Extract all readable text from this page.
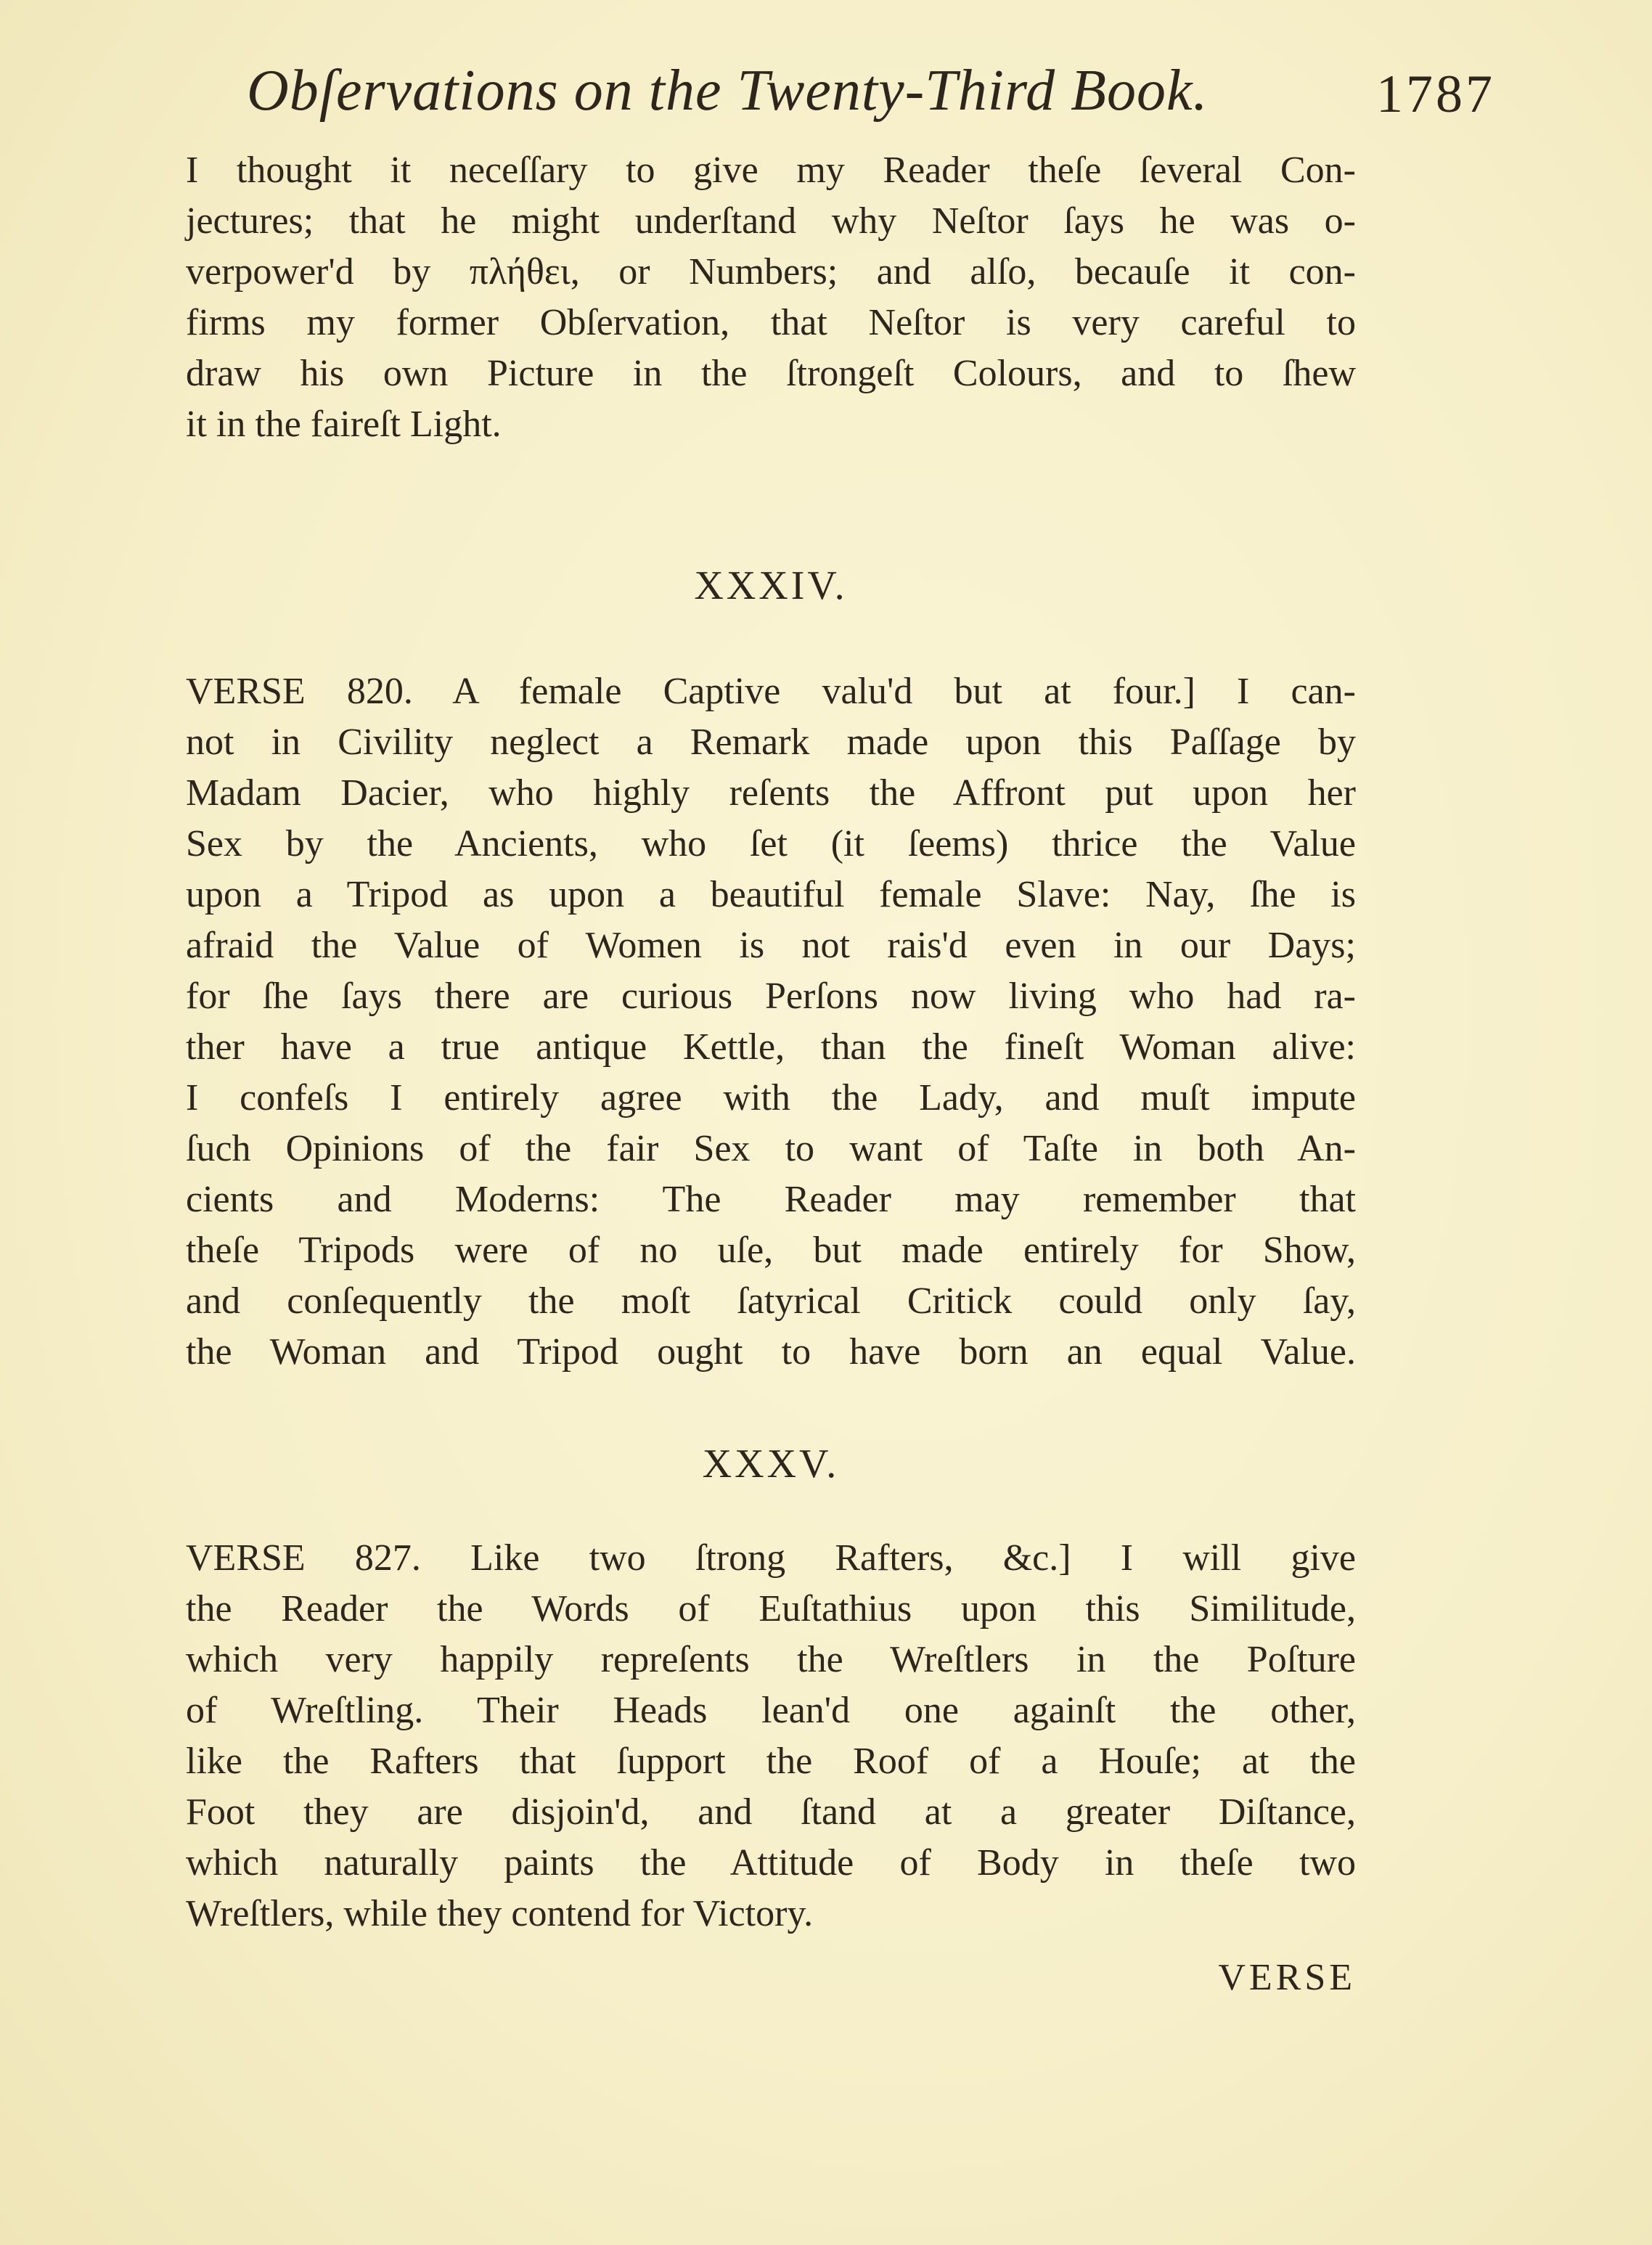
Obſervations on the Twenty-Third Book.	1787
I thought it neceſſary to give my Reader theſe ſeveral Con-
jectures; that he might underſtand why Neſtor ſays he was o-
verpower'd by πλήθει, or Numbers; and alſo, becauſe it con-
firms my former Obſervation, that Neſtor is very careful to
draw his own Picture in the ſtrongeſt Colours, and to ſhew
it in the faireſt Light.
XXXIV.
VERSE 820. A female Captive valu'd but at four.] I can-
not in Civility neglect a Remark made upon this Paſſage by
Madam Dacier, who highly reſents the Affront put upon her
Sex by the Ancients, who ſet (it ſeems) thrice the Value
upon a Tripod as upon a beautiful female Slave: Nay, ſhe is
afraid the Value of Women is not rais'd even in our Days;
for ſhe ſays there are curious Perſons now living who had ra-
ther have a true antique Kettle, than the fineſt Woman alive:
I confeſs I entirely agree with the Lady, and muſt impute
ſuch Opinions of the fair Sex to want of Taſte in both An-
cients and Moderns: The Reader may remember that
theſe Tripods were of no uſe, but made entirely for Show,
and conſequently the moſt ſatyrical Critick could only ſay,
the Woman and Tripod ought to have born an equal Value.
XXXV.
VERSE 827. Like two ſtrong Rafters, &c.] I will give
the Reader the Words of Euſtathius upon this Similitude,
which very happily repreſents the Wreſtlers in the Poſture
of Wreſtling. Their Heads lean'd one againſt the other,
like the Rafters that ſupport the Roof of a Houſe; at the
Foot they are disjoin'd, and ſtand at a greater Diſtance,
which naturally paints the Attitude of Body in theſe two
Wreſtlers, while they contend for Victory.
VERSE
